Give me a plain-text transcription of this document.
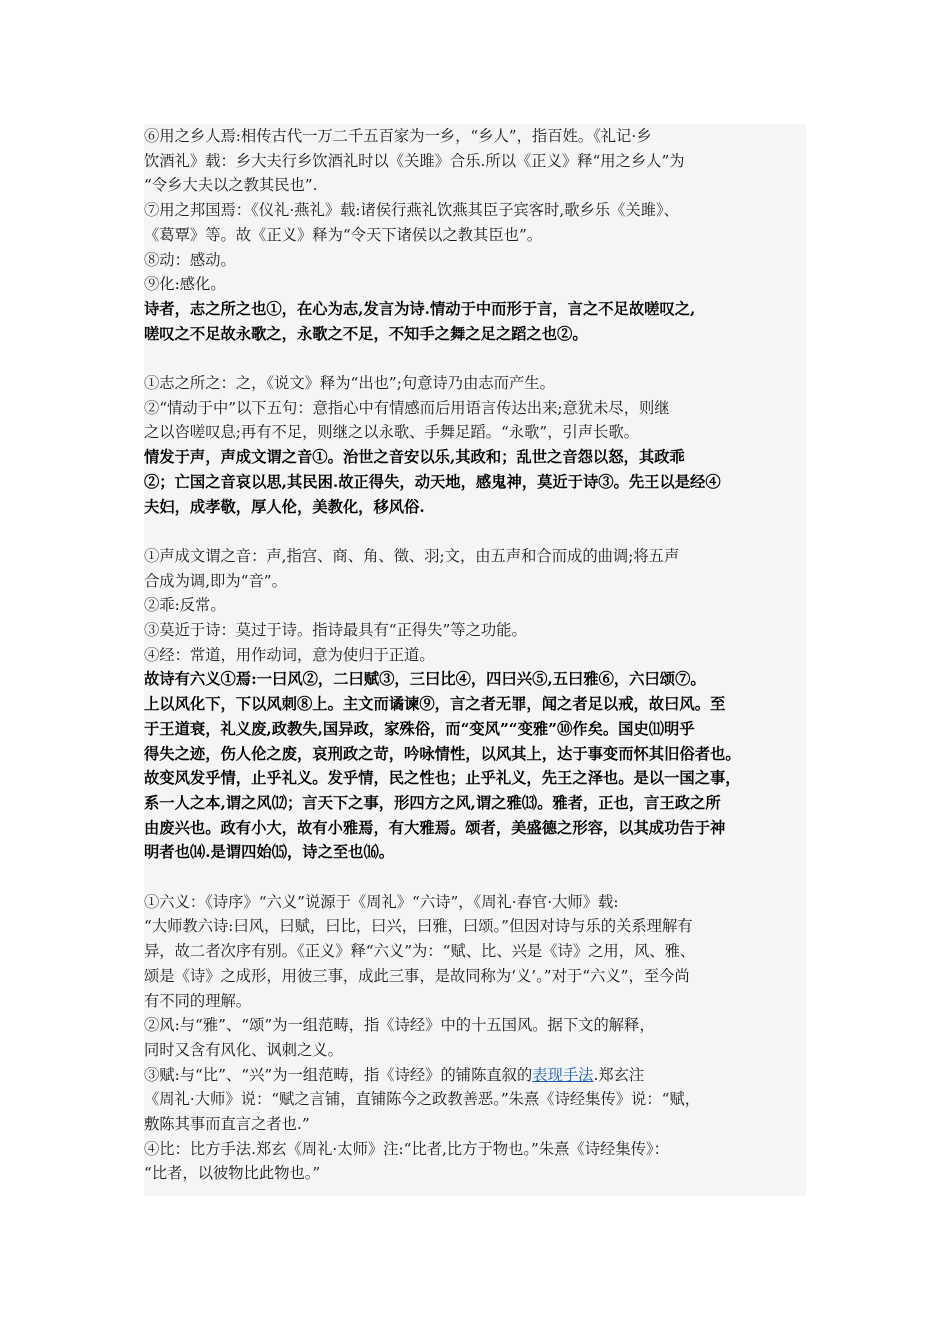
⑥用之乡人焉:相传古代一万二千五百家为一乡，“乡人”，指百姓。《礼记·乡

饮酒礼》载：乡大夫行乡饮酒礼时以《关雎》合乐.所以《正义》释“用之乡人”为

“令乡大夫以之教其民也”.

⑦用之邦国焉：《仪礼·燕礼》载:诸侯行燕礼饮燕其臣子宾客时,歌乡乐《关雎》、

《葛覃》等。故《正义》释为“令天下诸侯以之教其臣也”。

⑧动：感动。

⑨化:感化。

诗者，志之所之也①，在心为志,发言为诗.情动于中而形于言，言之不足故嗟叹之,

嗟叹之不足故永歌之，永歌之不足，不知手之舞之足之蹈之也②。

①志之所之：之，《说文》释为“出也”;句意诗乃由志而产生。

②“情动于中”以下五句：意指心中有情感而后用语言传达出来;意犹未尽，则继

之以咨嗟叹息;再有不足，则继之以永歌、手舞足蹈。“永歌”，引声长歌。

情发于声，声成文谓之音①。治世之音安以乐,其政和；乱世之音怨以怒，其政乖

②；亡国之音哀以思,其民困.故正得失，动天地，感鬼神，莫近于诗③。先王以是经④

夫妇，成孝敬，厚人伦，美教化，移风俗.

①声成文谓之音：声,指宫、商、角、徵、羽;文，由五声和合而成的曲调;将五声

合成为调,即为“音”。

②乖:反常。

③莫近于诗：莫过于诗。指诗最具有“正得失”等之功能。

④经：常道，用作动词，意为使归于正道。

故诗有六义①焉:一曰风②，二曰赋③，三曰比④，四曰兴⑤,五曰雅⑥，六曰颂⑦。

上以风化下，下以风刺⑧上。主文而谲谏⑨，言之者无罪，闻之者足以戒，故曰风。至

于王道衰，礼义废,政教失,国异政，家殊俗，而“变风”“变雅”⑩作矣。国史⑾明乎

得失之迹，伤人伦之废，哀刑政之苛，吟咏情性，以风其上，达于事变而怀其旧俗者也。

故变风发乎情，止乎礼义。发乎情，民之性也；止乎礼义，先王之泽也。是以一国之事，

系一人之本,谓之风⑿；言天下之事，形四方之风,谓之雅⒀。雅者，正也，言王政之所

由废兴也。政有小大，故有小雅焉，有大雅焉。颂者，美盛德之形容，以其成功告于神

明者也⒁.是谓四始⒂，诗之至也⒃。

①六义：《诗序》“六义”说源于《周礼》“六诗”，《周礼·春官·大师》载:

“大师教六诗:曰风，曰赋，曰比，曰兴，曰雅，曰颂。”但因对诗与乐的关系理解有

异，故二者次序有别。《正义》释“六义”为：“赋、比、兴是《诗》之用，风、雅、

颂是《诗》之成形，用彼三事，成此三事，是故同称为‘义’。”对于“六义”，至今尚

有不同的理解。

②风:与“雅”、“颂”为一组范畴，指《诗经》中的十五国风。据下文的解释，

同时又含有风化、讽刺之义。

③赋:与“比”、“兴”为一组范畴，指《诗经》的铺陈直叙的表现手法.郑玄注

《周礼·大师》说：“赋之言铺，直铺陈今之政教善恶。”朱熹《诗经集传》说：“赋，

敷陈其事而直言之者也.”

④比：比方手法.郑玄《周礼·太师》注:“比者,比方于物也。”朱熹《诗经集传》：

“比者，以彼物比此物也。”
